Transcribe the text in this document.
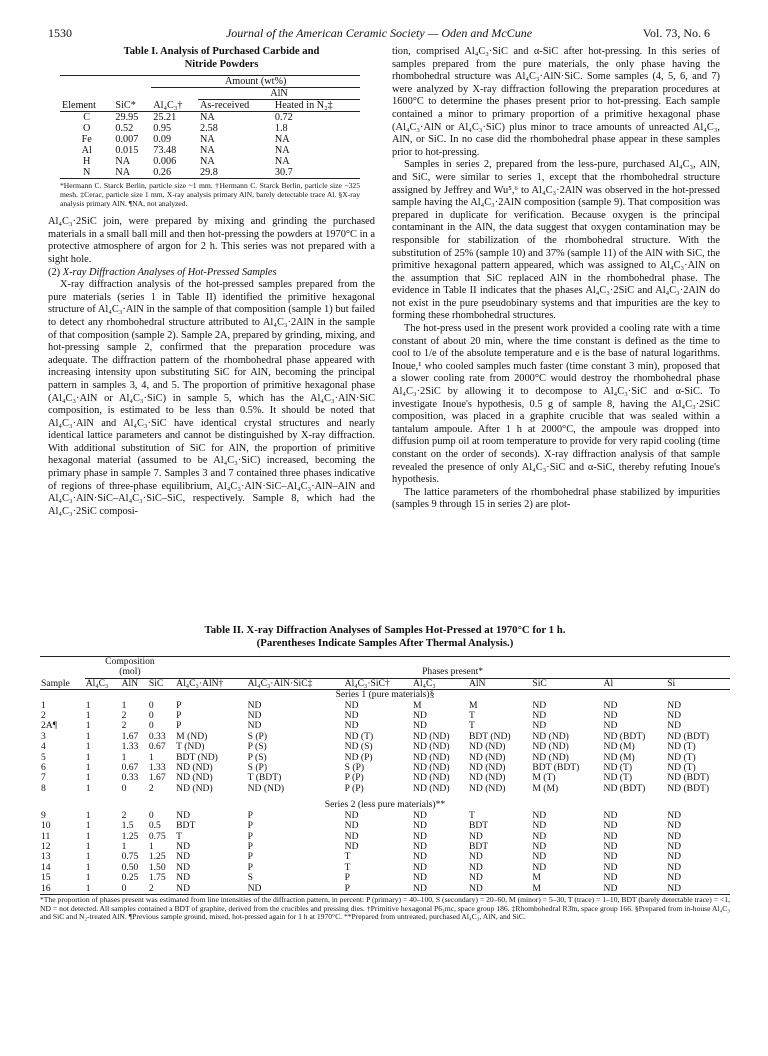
1530	Journal of the American Ceramic Society — Oden and McCune	Vol. 73, No. 6
Table I. Analysis of Purchased Carbide and
Nitride Powders
		Amount (wt%)		
			AlN	
Element	SiC*	Al₄C₃†	As-received	Heated in N₂‡
C	29.95	25.21	NA	0.72
O	0.52	0.95	2.58	1.8
Fe	0.007	0.09	NA	NA
Al	0.015	73.48	NA	NA
H	NA	0.006	NA	NA
N	NA	0.26	29.8	30.7
*Hermann C. Starck Berlin, particle size ~1 mm. †Hermann C. Starck Berlin, particle size −325 mesh. ‡Cerac, particle size 1 mm, X-ray analysis primary AlN, barely detectable trace Al. §X-ray analysis primary AlN. ¶NA, not analyzed.

Al₄C₃·2SiC join, were prepared by mixing and grinding the purchased materials in a small ball mill and then hot-pressing the powders at 1970°C in a protective atmosphere of argon for 2 h. This series was not prepared with a sight hole.

(2) X-ray Diffraction Analyses of Hot-Pressed Samples

X-ray diffraction analysis of the hot-pressed samples prepared from the pure materials (series 1 in Table II) identified the primitive hexagonal structure of Al₄C₃·AlN in the sample of that composition (sample 1) but failed to detect any rhombohedral structure attributed to Al₄C₃·2AlN in the sample of that composition (sample 2). Sample 2A, prepared by grinding, mixing, and hot-pressing sample 2, confirmed that the preparation procedure was adequate. The diffraction pattern of the rhombohedral phase appeared with increasing intensity upon substituting SiC for AlN, becoming the principal pattern in samples 3, 4, and 5. The proportion of primitive hexagonal phase (Al₄C₃·AlN or Al₄C₃·SiC) in sample 5, which has the Al₄C₃·AlN·SiC composition, is estimated to be less than 0.5%. It should be noted that Al₄C₃·AlN and Al₄C₃·SiC have identical crystal structures and nearly identical lattice parameters and cannot be distinguished by X-ray diffraction. With additional substitution of SiC for AlN, the proportion of primitive hexagonal material (assumed to be Al₄C₃·SiC) increased, becoming the primary phase in sample 7. Samples 3 and 7 contained three phases indicative of regions of three-phase equilibrium, Al₄C₃·AlN·SiC–Al₄C₃·AlN–AlN and Al₄C₃·AlN·SiC–Al₄C₃·SiC–SiC, respectively. Sample 8, which had the Al₄C₃·2SiC composi-

tion, comprised Al₄C₃·SiC and α-SiC after hot-pressing. In this series of samples prepared from the pure materials, the only phase having the rhombohedral structure was Al₄C₃·AlN·SiC. Some samples (4, 5, 6, and 7) were analyzed by X-ray diffraction following the preparation procedures at 1600°C to determine the phases present prior to hot-pressing. Each sample contained a minor to primary proportion of a primitive hexagonal phase (Al₄C₃·AlN or Al₄C₃·SiC) plus minor to trace amounts of unreacted Al₄C₃, AlN, or SiC. In no case did the rhombohedral phase appear in these samples prior to hot-pressing.

Samples in series 2, prepared from the less-pure, purchased Al₄C₃, AlN, and SiC, were similar to series 1, except that the rhombohedral structure assigned by Jeffrey and Wu⁵,⁶ to Al₄C₃·2AlN was observed in the hot-pressed sample having the Al₄C₃·2AlN composition (sample 9). That composition was prepared in duplicate for verification. Because oxygen is the principal contaminant in the AlN, the data suggest that oxygen contamination may be responsible for stabilization of the rhombohedral structure. With the substitution of 25% (sample 10) and 37% (sample 11) of the AlN with SiC, the primitive hexagonal pattern appeared, which was assigned to Al₄C₃·AlN on the assumption that SiC replaced AlN in the rhombohedral phase. The evidence in Table II indicates that the phases Al₄C₃·2SiC and Al₄C₃·2AlN do not exist in the pure pseudobinary systems and that impurities are the key to forming these rhombohedral structures.

The hot-press used in the present work provided a cooling rate with a time constant of about 20 min, where the time constant is defined as the time to cool to 1/e of the absolute temperature and e is the base of natural logarithms. Inoue,¹ who cooled samples much faster (time constant 3 min), proposed that a slower cooling rate from 2000°C would destroy the rhombohedral phase Al₄C₃·2SiC by allowing it to decompose to Al₄C₃·SiC and α-SiC. To investigate Inoue's hypothesis, 0.5 g of sample 8, having the Al₄C₃·2SiC composition, was placed in a graphite crucible that was sealed within a tantalum ampoule. After 1 h at 2000°C, the ampoule was dropped into diffusion pump oil at room temperature to provide for very rapid cooling (time constant on the order of seconds). X-ray diffraction analysis of that sample revealed the presence of only Al₄C₃·SiC and α-SiC, thereby refuting Inoue's hypothesis.

The lattice parameters of the rhombohedral phase stabilized by impurities (samples 9 through 15 in series 2) are plot-

Table II. X-ray Diffraction Analyses of Samples Hot-Pressed at 1970°C for 1 h.
(Parentheses Indicate Samples After Thermal Analysis.)
	Composition										
	(mol)			Phases present*							
Sample	Al₄C₃	AlN	SiC	Al₄C₃·AlN†	Al₄C₃·AlN·SiC‡	Al₄C₃·SiC†	Al₄C₃	AlN	SiC	Al	Si
Series 1 (pure materials)§											
1	1	1	0	P	ND	ND	M	M	ND	ND	ND
2	1	2	0	P	ND	ND	ND	T	ND	ND	ND
2A¶	1	2	0	P	ND	ND	ND	T	ND	ND	ND
3	1	1.67	0.33	M (ND)	S (P)	ND (T)	ND (ND)	BDT (ND)	ND (ND)	ND (BDT)	ND (BDT)
4	1	1.33	0.67	T (ND)	P (S)	ND (S)	ND (ND)	ND (ND)	ND (ND)	ND (M)	ND (T)
5	1	1	1	BDT (ND)	P (S)	ND (P)	ND (ND)	ND (ND)	ND (ND)	ND (M)	ND (T)
6	1	0.67	1.33	ND (ND)	S (P)	S (P)	ND (ND)	ND (ND)	BDT (BDT)	ND (T)	ND (T)
7	1	0.33	1.67	ND (ND)	T (BDT)	P (P)	ND (ND)	ND (ND)	M (T)	ND (T)	ND (BDT)
8	1	0	2	ND (ND)	ND (ND)	P (P)	ND (ND)	ND (ND)	M (M)	ND (BDT)	ND (BDT)

Series 2 (less pure materials)**											
9	1	2	0	ND	P	ND	ND	T	ND	ND	ND
10	1	1.5	0.5	BDT	P	ND	ND	BDT	ND	ND	ND
11	1	1.25	0.75	T	P	ND	ND	ND	ND	ND	ND
12	1	1	1	ND	P	ND	ND	BDT	ND	ND	ND
13	1	0.75	1.25	ND	P	T	ND	ND	ND	ND	ND
14	1	0.50	1.50	ND	P	T	ND	ND	ND	ND	ND
15	1	0.25	1.75	ND	S	P	ND	ND	M	ND	ND
16	1	0	2	ND	ND	P	ND	ND	M	ND	ND
*The proportion of phases present was estimated from line intensities of the diffraction pattern, in percent: P (primary) = 40–100, S (secondary) = 20–60, M (minor) = 5–30, T (trace) = 1–10, BDT (barely detectable trace) = <1, ND = not detected. All samples contained a BDT of graphite, derived from the crucibles and pressing dies. †Primitive hexagonal P6₃mc, space group 186. ‡Rhombohedral R3̄m, space group 166. §Prepared from in-house Al₄C₃ and SiC and N₂-treated AlN. ¶Previous sample ground, mixed, hot-pressed again for 1 h at 1970°C. **Prepared from untreated, purchased Al₄C₃, AlN, and SiC.
